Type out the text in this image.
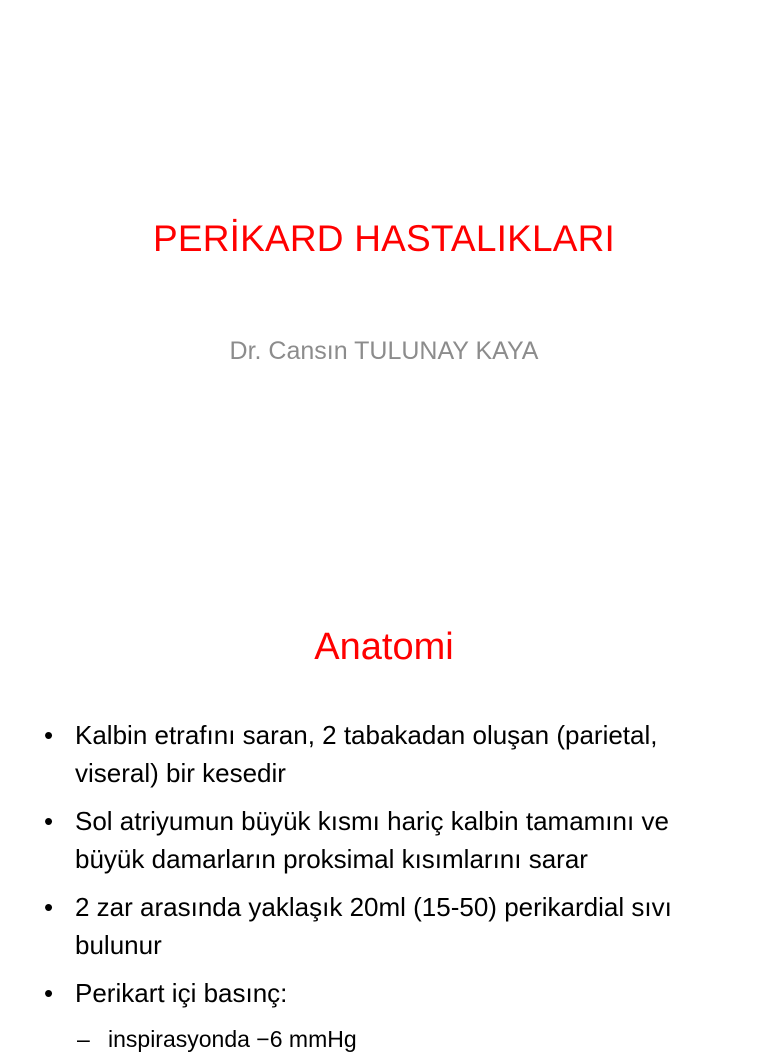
PERİKARD HASTALIKLARI
Dr. Cansın TULUNAY KAYA
Anatomi
• Kalbin etrafını saran, 2 tabakadan oluşan (parietal, viseral) bir kesedir
• Sol atriyumun büyük kısmı hariç kalbin tamamını ve büyük damarların proksimal kısımlarını sarar
• 2 zar arasında yaklaşık 20ml (15-50) perikardial sıvı bulunur
• Perikart içi basınç:
– inspirasyonda −6 mmHg
